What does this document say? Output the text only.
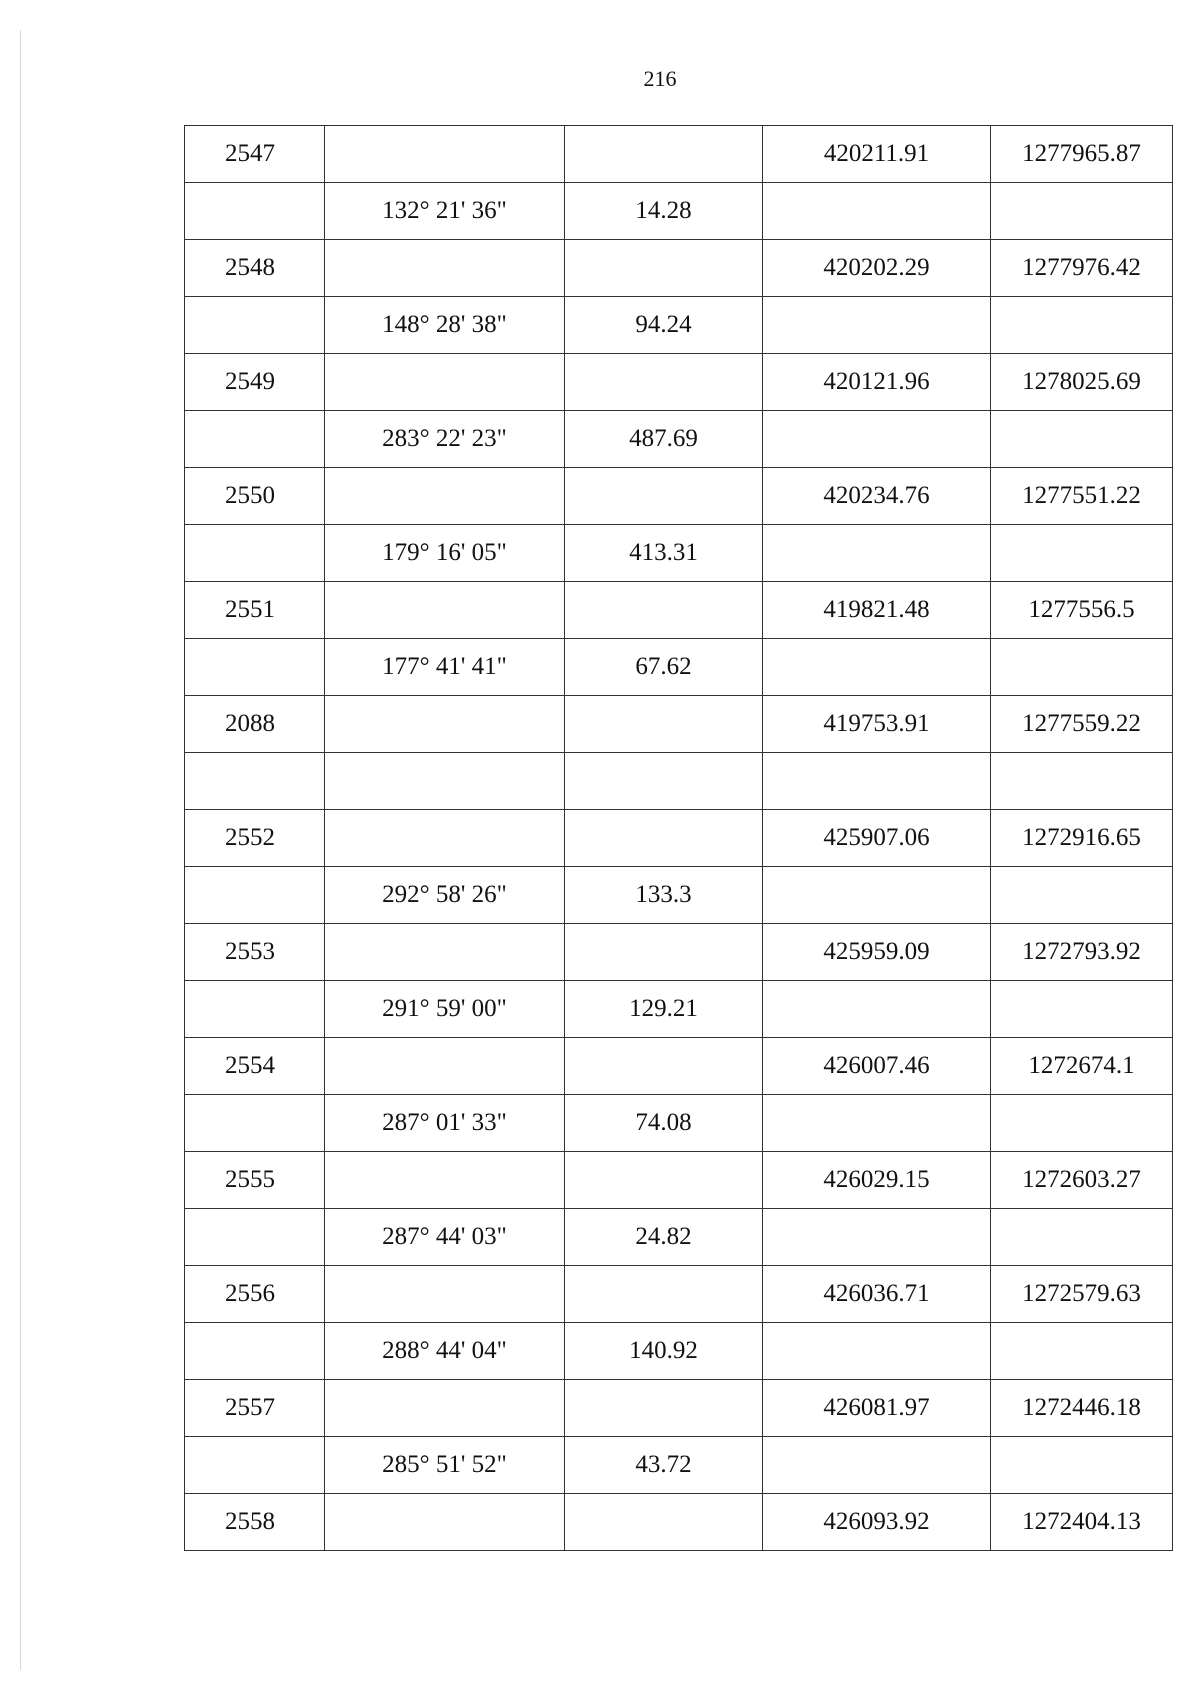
216
2547			420211.91	1277965.87
	132° 21' 36"	14.28		
2548			420202.29	1277976.42
	148° 28' 38"	94.24		
2549			420121.96	1278025.69
	283° 22' 23"	487.69		
2550			420234.76	1277551.22
	179° 16' 05"	413.31		
2551			419821.48	1277556.5
	177° 41' 41"	67.62		
2088			419753.91	1277559.22

2552			425907.06	1272916.65
	292° 58' 26"	133.3		
2553			425959.09	1272793.92
	291° 59' 00"	129.21		
2554			426007.46	1272674.1
	287° 01' 33"	74.08		
2555			426029.15	1272603.27
	287° 44' 03"	24.82		
2556			426036.71	1272579.63
	288° 44' 04"	140.92		
2557			426081.97	1272446.18
	285° 51' 52"	43.72		
2558			426093.92	1272404.13
